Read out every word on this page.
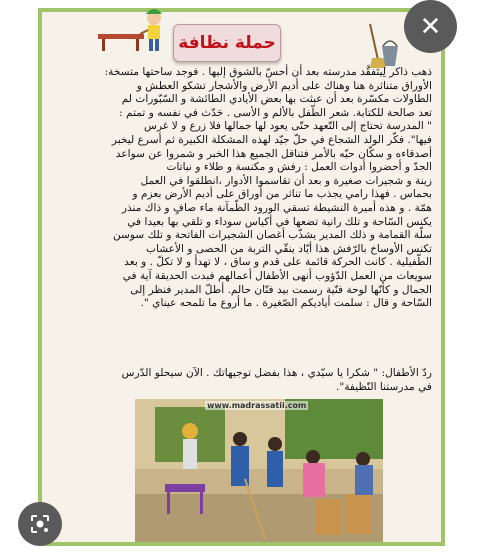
حملة نظافة

ذهب ذاكر لِيتَفقَّد مدرسته بعد أن أحسّ بالشوق إليها . فوجد ساحتها متسخة:

الأوراق متناثرة هنا وهناك على أديم الأرض والأشجار تشكو العطش و

الطاولات مكسّرة بعد أن عبثت بها بعض الأيادي الطائشة و السّبّورات لم

تعد صالحة للكتابة. شعر الطّفل بالألم و الأسى . حَدّث في نفسه و تمتم :

" المدرسة تحتاج إلى التّعهد حتّى يعود لها جمالها فلا زرع و لا غرس

فيها". فكّر الولد الشجاع في حلّ جيّد لهذه المشكلة الكبيرة ثم أسرع ليخبر

أصدقاءه و سكّان حيّه بالأمر فتناقل الجميع هذا الخبر و شمروا عن سواعد

الجدّ و أحضروا أدوات العمل : رفش و مكنسة و طلاء و نباتات

زينة و شجيرات صغيرة و بعد أن تقاسموا الأدوار ،انطلقوا في العمل

بحماس . فهذا رامي يجذب ما تناثر من أوراق على أديم الأرض بعزم و

همّة . و هذه أميرة النشيطة تسقي الورود الظّمآنة ماء صافٍ و ذاك منذر

يكنس السّاحة و تلك رانية تضعها في أكياس سوداء و تلقي بها بعيدا في

سلّة القمامة و ذلك المدير يشذّب أغصان الشجيرات الفاتحة و تلك سوسن

تكنس الأوساخ بالرّفش هذا أيّاد ينقّي التربة من الحصى و الأعشاب

الطّفيلية . كانت الحركة قائمة على قدم و ساق ، لا تهدأ و لا تكلّ . و بعد

سويعات من العمل الدّؤوب أنهى الأطفال أعمالهم فبدت الحديقة آية في

الجمال و كأنّها لوحة فنّية رسمت بيد فنّان حالم. أطلّ المدير فنظر إلى

السّاحة و قال : سلمت أياديكم الصّغيرة . ما أروع ما تلمحه عيناي ".

ردّ الأطفال: " شكرا يا سيّدي ، هذا بفضل توجيهاتك . الآن سيحلو الدّرس

في مدرستنا النّظيفة".

www.madrassatii.com
✕
